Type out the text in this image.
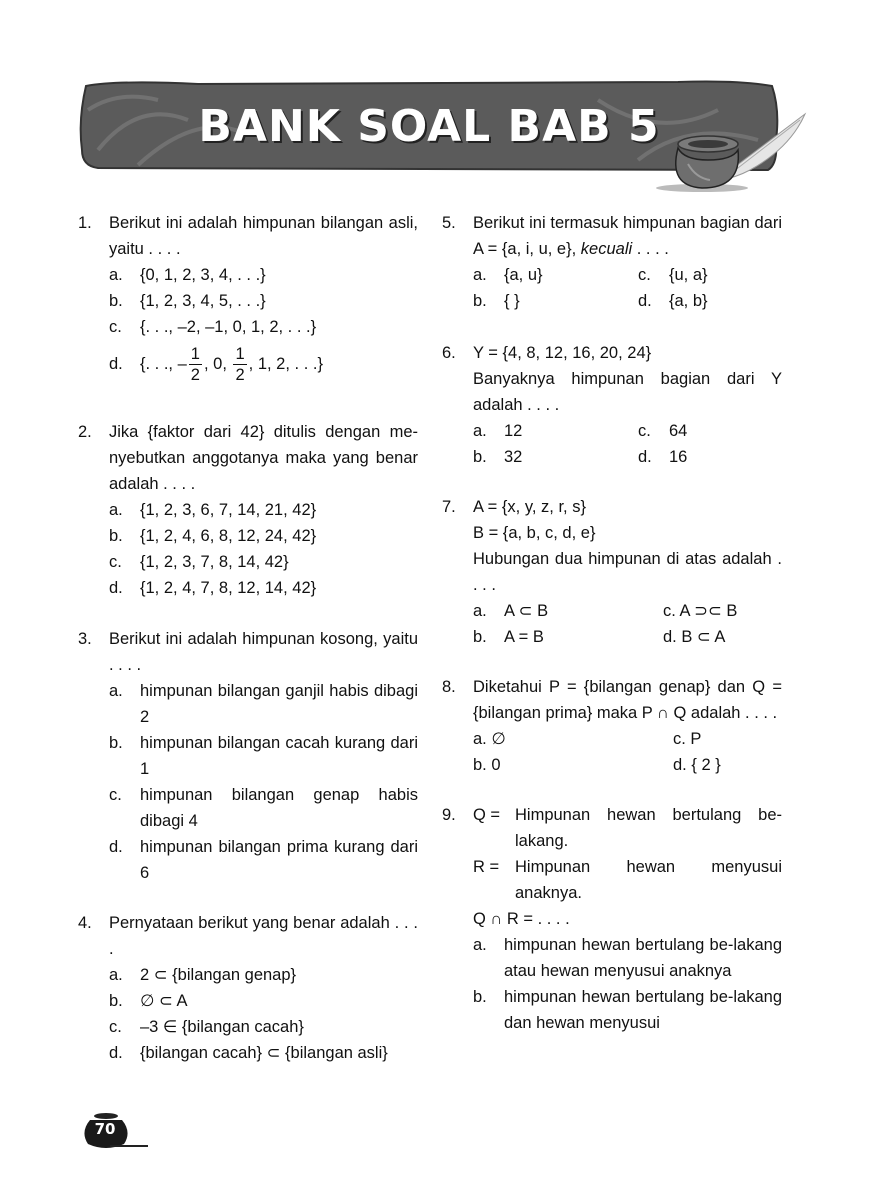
BANK SOAL BAB 5
1.	Berikut ini adalah himpunan bilangan asli, yaitu . . . .
a. {0, 1, 2, 3, 4, . . .}
b. {1, 2, 3, 4, 5, . . .}
c. {. . ., –2, –1, 0, 1, 2, . . .}
d. {. . ., – $\frac{1}{2}$ , 0, $\frac{1}{2}$ , 1, 2, . . .}
2.	Jika {faktor dari 42} ditulis dengan me-nyebutkan anggotanya maka yang benar adalah . . . .
a. {1, 2, 3, 6, 7, 14, 21, 42}
b. {1, 2, 4, 6, 8, 12, 24, 42}
c. {1, 2, 3, 7, 8, 14, 42}
d. {1, 2, 4, 7, 8, 12, 14, 42}
3.	Berikut ini adalah himpunan kosong, yaitu . . . .
a. himpunan bilangan ganjil habis dibagi 2
b. himpunan bilangan cacah kurang dari 1
c. himpunan bilangan genap habis dibagi 4
d. himpunan bilangan prima kurang dari 6
4.	Pernyataan berikut yang benar adalah . . . .
a. 2 ⊂ {bilangan genap}
b. ∅ ⊂ A
c. –3 ∈ {bilangan cacah}
d. {bilangan cacah} ⊂ {bilangan asli}
5.	Berikut ini termasuk himpunan bagian dari A = {a, i, u, e}, kecuali . . . .
a. {a, u}	c. {u, a}
b. { }	d. {a, b}
6.	Y = {4, 8, 12, 16, 20, 24}
Banyaknya himpunan bagian dari Y adalah . . . .
a. 12	c. 64
b. 32	d. 16
7.	A = {x, y, z, r, s}
B = {a, b, c, d, e}
Hubungan dua himpunan di atas adalah . . . .
a. A ⊂ B	c. A ⊃⊂ B
b. A = B	d. B ⊂ A
8.	Diketahui P = {bilangan genap} dan Q = {bilangan prima} maka P ∩ Q adalah . . . .
a. ∅	c. P
b. 0	d. { 2 }
9.	Q = Himpunan hewan bertulang be-lakang.
R = Himpunan hewan menyusui anaknya.
Q ∩ R = . . . .
a. himpunan hewan bertulang be-lakang atau hewan menyusui anaknya
b. himpunan hewan bertulang be-lakang dan hewan menyusui
70
